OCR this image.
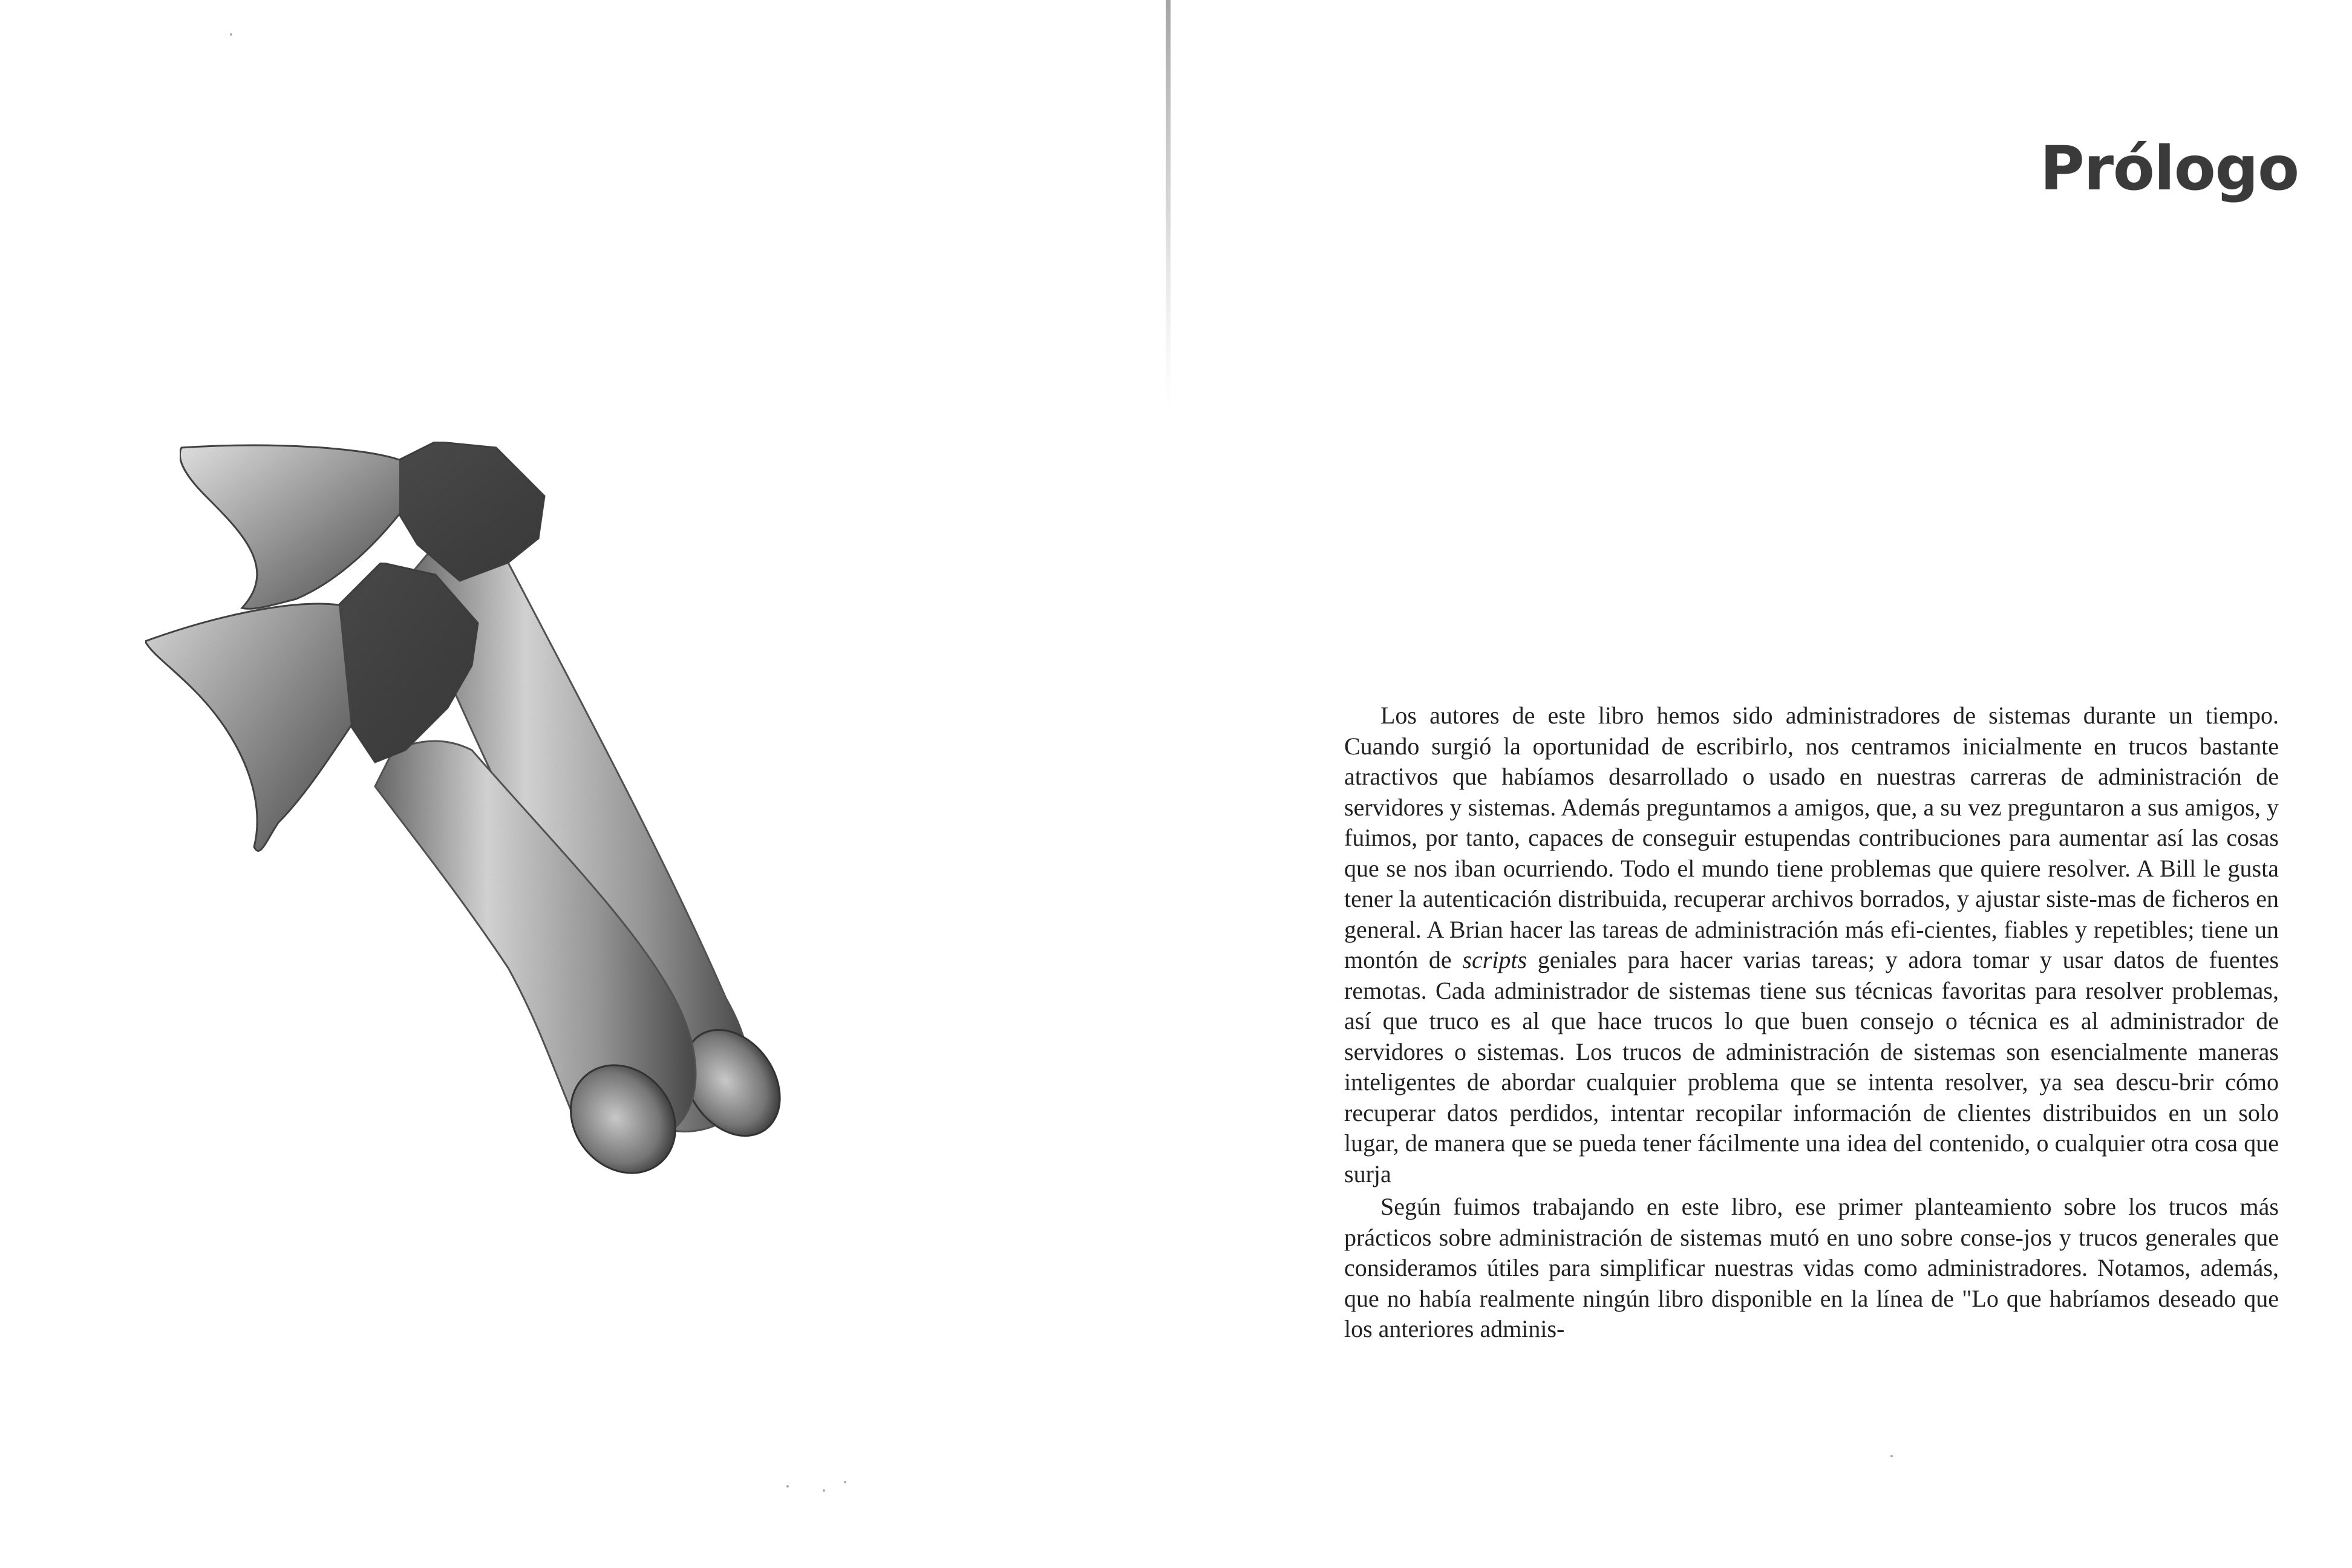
Prólogo

Los autores de este libro hemos sido administradores de sistemas durante un tiempo. Cuando surgió la oportunidad de escribirlo, nos centramos inicialmente en trucos bastante atractivos que habíamos desarrollado o usado en nuestras carreras de administración de servidores y sistemas. Además preguntamos a amigos, que, a su vez preguntaron a sus amigos, y fuimos, por tanto, capaces de conseguir estupendas contribuciones para aumentar así las cosas que se nos iban ocurriendo. Todo el mundo tiene problemas que quiere resolver. A Bill le gusta tener la autenticación distribuida, recuperar archivos borrados, y ajustar siste-mas de ficheros en general. A Brian hacer las tareas de administración más efi-cientes, fiables y repetibles; tiene un montón de scripts geniales para hacer varias tareas; y adora tomar y usar datos de fuentes remotas. Cada administrador de sistemas tiene sus técnicas favoritas para resolver problemas, así que truco es al que hace trucos lo que buen consejo o técnica es al administrador de servidores o sistemas. Los trucos de administración de sistemas son esencialmente maneras inteligentes de abordar cualquier problema que se intenta resolver, ya sea descu-brir cómo recuperar datos perdidos, intentar recopilar información de clientes distribuidos en un solo lugar, de manera que se pueda tener fácilmente una idea del contenido, o cualquier otra cosa que surja

Según fuimos trabajando en este libro, ese primer planteamiento sobre los trucos más prácticos sobre administración de sistemas mutó en uno sobre conse-jos y trucos generales que consideramos útiles para simplificar nuestras vidas como administradores. Notamos, además, que no había realmente ningún libro disponible en la línea de "Lo que habríamos deseado que los anteriores adminis-
